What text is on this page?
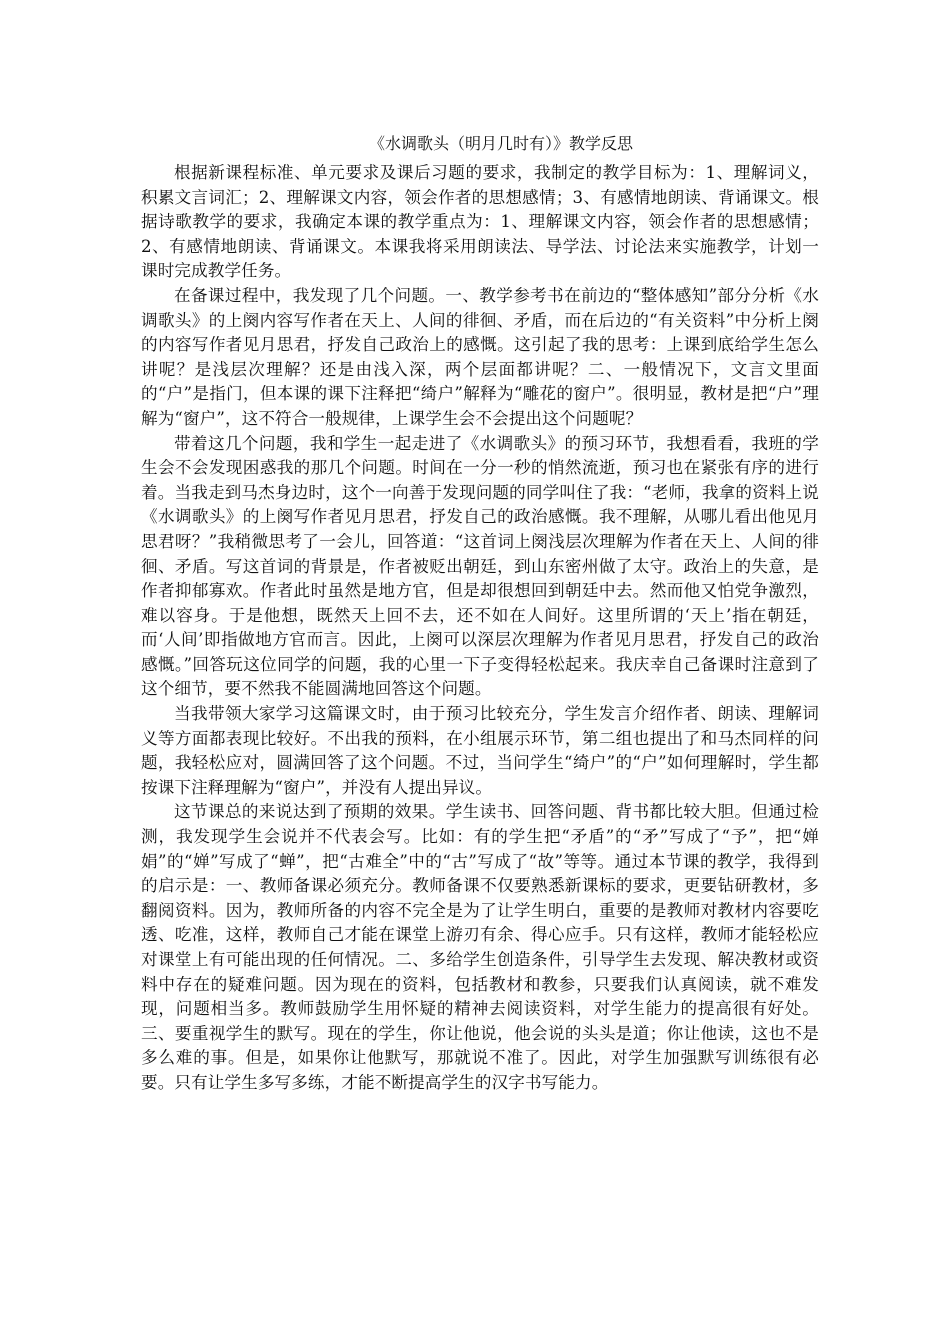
《水调歌头（明月几时有）》教学反思

根据新课程标准、单元要求及课后习题的要求，我制定的教学目标为：1、理解词义，积累文言词汇；2、理解课文内容，领会作者的思想感情；3、有感情地朗读、背诵课文。根据诗歌教学的要求，我确定本课的教学重点为：1、理解课文内容，领会作者的思想感情；2、有感情地朗读、背诵课文。本课我将采用朗读法、导学法、讨论法来实施教学，计划一课时完成教学任务。

在备课过程中，我发现了几个问题。一、教学参考书在前边的“整体感知”部分分析《水调歌头》的上阕内容写作者在天上、人间的徘徊、矛盾，而在后边的“有关资料”中分析上阕的内容写作者见月思君，抒发自己政治上的感慨。这引起了我的思考：上课到底给学生怎么讲呢？是浅层次理解？还是由浅入深，两个层面都讲呢？二、一般情况下，文言文里面的“户”是指门，但本课的课下注释把“绮户”解释为“雕花的窗户”。很明显，教材是把“户”理解为“窗户”，这不符合一般规律，上课学生会不会提出这个问题呢？

带着这几个问题，我和学生一起走进了《水调歌头》的预习环节，我想看看，我班的学生会不会发现困惑我的那几个问题。时间在一分一秒的悄然流逝，预习也在紧张有序的进行着。当我走到马杰身边时，这个一向善于发现问题的同学叫住了我：“老师，我拿的资料上说《水调歌头》的上阕写作者见月思君，抒发自己的政治感慨。我不理解，从哪儿看出他见月思君呀？”我稍微思考了一会儿，回答道：“这首词上阕浅层次理解为作者在天上、人间的徘徊、矛盾。写这首词的背景是，作者被贬出朝廷，到山东密州做了太守。政治上的失意，是作者抑郁寡欢。作者此时虽然是地方官，但是却很想回到朝廷中去。然而他又怕党争激烈，难以容身。于是他想，既然天上回不去，还不如在人间好。这里所谓的‘天上’指在朝廷，而‘人间’即指做地方官而言。因此，上阕可以深层次理解为作者见月思君，抒发自己的政治感慨。”回答玩这位同学的问题，我的心里一下子变得轻松起来。我庆幸自己备课时注意到了这个细节，要不然我不能圆满地回答这个问题。

当我带领大家学习这篇课文时，由于预习比较充分，学生发言介绍作者、朗读、理解词义等方面都表现比较好。不出我的预料，在小组展示环节，第二组也提出了和马杰同样的问题，我轻松应对，圆满回答了这个问题。不过，当问学生“绮户”的“户”如何理解时，学生都按课下注释理解为“窗户”，并没有人提出异议。

这节课总的来说达到了预期的效果。学生读书、回答问题、背书都比较大胆。但通过检测，我发现学生会说并不代表会写。比如：有的学生把“矛盾”的“矛”写成了“予”，把“婵娟”的“婵”写成了“蝉”，把“古难全”中的“古”写成了“故”等等。通过本节课的教学，我得到的启示是：一、教师备课必须充分。教师备课不仅要熟悉新课标的要求，更要钻研教材，多翻阅资料。因为，教师所备的内容不完全是为了让学生明白，重要的是教师对教材内容要吃透、吃准，这样，教师自己才能在课堂上游刃有余、得心应手。只有这样，教师才能轻松应对课堂上有可能出现的任何情况。二、多给学生创造条件，引导学生去发现、解决教材或资料中存在的疑难问题。因为现在的资料，包括教材和教参，只要我们认真阅读，就不难发现，问题相当多。教师鼓励学生用怀疑的精神去阅读资料，对学生能力的提高很有好处。三、要重视学生的默写。现在的学生，你让他说，他会说的头头是道；你让他读，这也不是多么难的事。但是，如果你让他默写，那就说不准了。因此，对学生加强默写训练很有必要。只有让学生多写多练，才能不断提高学生的汉字书写能力。
